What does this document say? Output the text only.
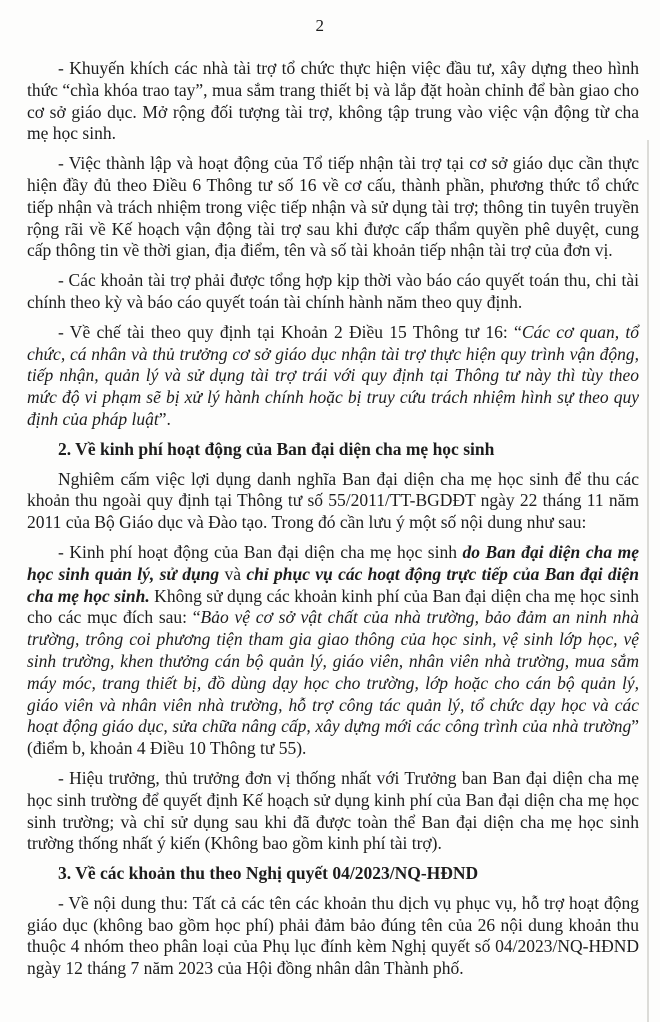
2

- Khuyến khích các nhà tài trợ tổ chức thực hiện việc đầu tư, xây dựng theo hình thức “chìa khóa trao tay”, mua sắm trang thiết bị và lắp đặt hoàn chỉnh để bàn giao cho cơ sở giáo dục. Mở rộng đối tượng tài trợ, không tập trung vào việc vận động từ cha mẹ học sinh.

- Việc thành lập và hoạt động của Tổ tiếp nhận tài trợ tại cơ sở giáo dục cần thực hiện đầy đủ theo Điều 6 Thông tư số 16 về cơ cấu, thành phần, phương thức tổ chức tiếp nhận và trách nhiệm trong việc tiếp nhận và sử dụng tài trợ; thông tin tuyên truyền rộng rãi về Kế hoạch vận động tài trợ sau khi được cấp thẩm quyền phê duyệt, cung cấp thông tin về thời gian, địa điểm, tên và số tài khoản tiếp nhận tài trợ của đơn vị.

- Các khoản tài trợ phải được tổng hợp kịp thời vào báo cáo quyết toán thu, chi tài chính theo kỳ và báo cáo quyết toán tài chính hành năm theo quy định.

- Về chế tài theo quy định tại Khoản 2 Điều 15 Thông tư 16: “Các cơ quan, tổ chức, cá nhân và thủ trưởng cơ sở giáo dục nhận tài trợ thực hiện quy trình vận động, tiếp nhận, quản lý và sử dụng tài trợ trái với quy định tại Thông tư này thì tùy theo mức độ vi phạm sẽ bị xử lý hành chính hoặc bị truy cứu trách nhiệm hình sự theo quy định của pháp luật”.

2. Về kinh phí hoạt động của Ban đại diện cha mẹ học sinh

Nghiêm cấm việc lợi dụng danh nghĩa Ban đại diện cha mẹ học sinh để thu các khoản thu ngoài quy định tại Thông tư số 55/2011/TT-BGDĐT ngày 22 tháng 11 năm 2011 của Bộ Giáo dục và Đào tạo. Trong đó cần lưu ý một số nội dung như sau:

- Kinh phí hoạt động của Ban đại diện cha mẹ học sinh do Ban đại diện cha mẹ học sinh quản lý, sử dụng và chỉ phục vụ các hoạt động trực tiếp của Ban đại diện cha mẹ học sinh. Không sử dụng các khoản kinh phí của Ban đại diện cha mẹ học sinh cho các mục đích sau: “Bảo vệ cơ sở vật chất của nhà trường, bảo đảm an ninh nhà trường, trông coi phương tiện tham gia giao thông của học sinh, vệ sinh lớp học, vệ sinh trường, khen thưởng cán bộ quản lý, giáo viên, nhân viên nhà trường, mua sắm máy móc, trang thiết bị, đồ dùng dạy học cho trường, lớp hoặc cho cán bộ quản lý, giáo viên và nhân viên nhà trường, hỗ trợ công tác quản lý, tổ chức dạy học và các hoạt động giáo dục, sửa chữa nâng cấp, xây dựng mới các công trình của nhà trường” (điểm b, khoản 4 Điều 10 Thông tư 55).

- Hiệu trưởng, thủ trưởng đơn vị thống nhất với Trưởng ban Ban đại diện cha mẹ học sinh trường để quyết định Kế hoạch sử dụng kinh phí của Ban đại diện cha mẹ học sinh trường; và chỉ sử dụng sau khi đã được toàn thể Ban đại diện cha mẹ học sinh trường thống nhất ý kiến (Không bao gồm kinh phí tài trợ).

3. Về các khoản thu theo Nghị quyết 04/2023/NQ-HĐND

- Về nội dung thu: Tất cả các tên các khoản thu dịch vụ phục vụ, hỗ trợ hoạt động giáo dục (không bao gồm học phí) phải đảm bảo đúng tên của 26 nội dung khoản thu thuộc 4 nhóm theo phân loại của Phụ lục đính kèm Nghị quyết số 04/2023/NQ-HĐND ngày 12 tháng 7 năm 2023 của Hội đồng nhân dân Thành phố.
